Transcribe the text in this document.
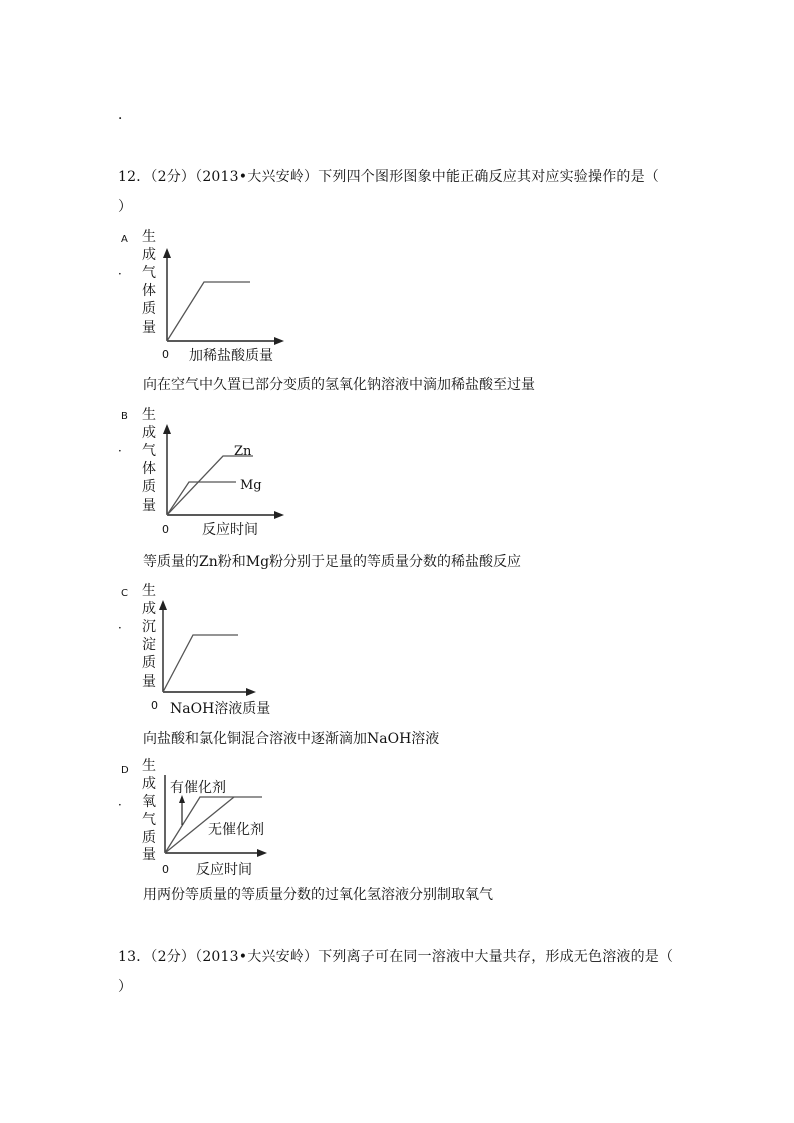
．
12．（2分）（2013•大兴安岭）下列四个图形图象中能正确反应其对应实验操作的是（
）
A
．
生
成
气
体
质
量
0 加稀盐酸质量
向在空气中久置已部分变质的氢氧化钠溶液中滴加稀盐酸至过量
B
．
生
成
气
体
质
量
Zn
Mg
0 反应时间
等质量的Zn粉和Mg粉分别于足量的等质量分数的稀盐酸反应
C
．
生
成
沉
淀
质
量
0 NaOH溶液质量
向盐酸和氯化铜混合溶液中逐渐滴加NaOH溶液
D
．
生
成
氧
气
质
量
有催化剂
无催化剂
0 反应时间
用两份等质量的等质量分数的过氧化氢溶液分别制取氧气
13．（2分）（2013•大兴安岭）下列离子可在同一溶液中大量共存，形成无色溶液的是（
）
